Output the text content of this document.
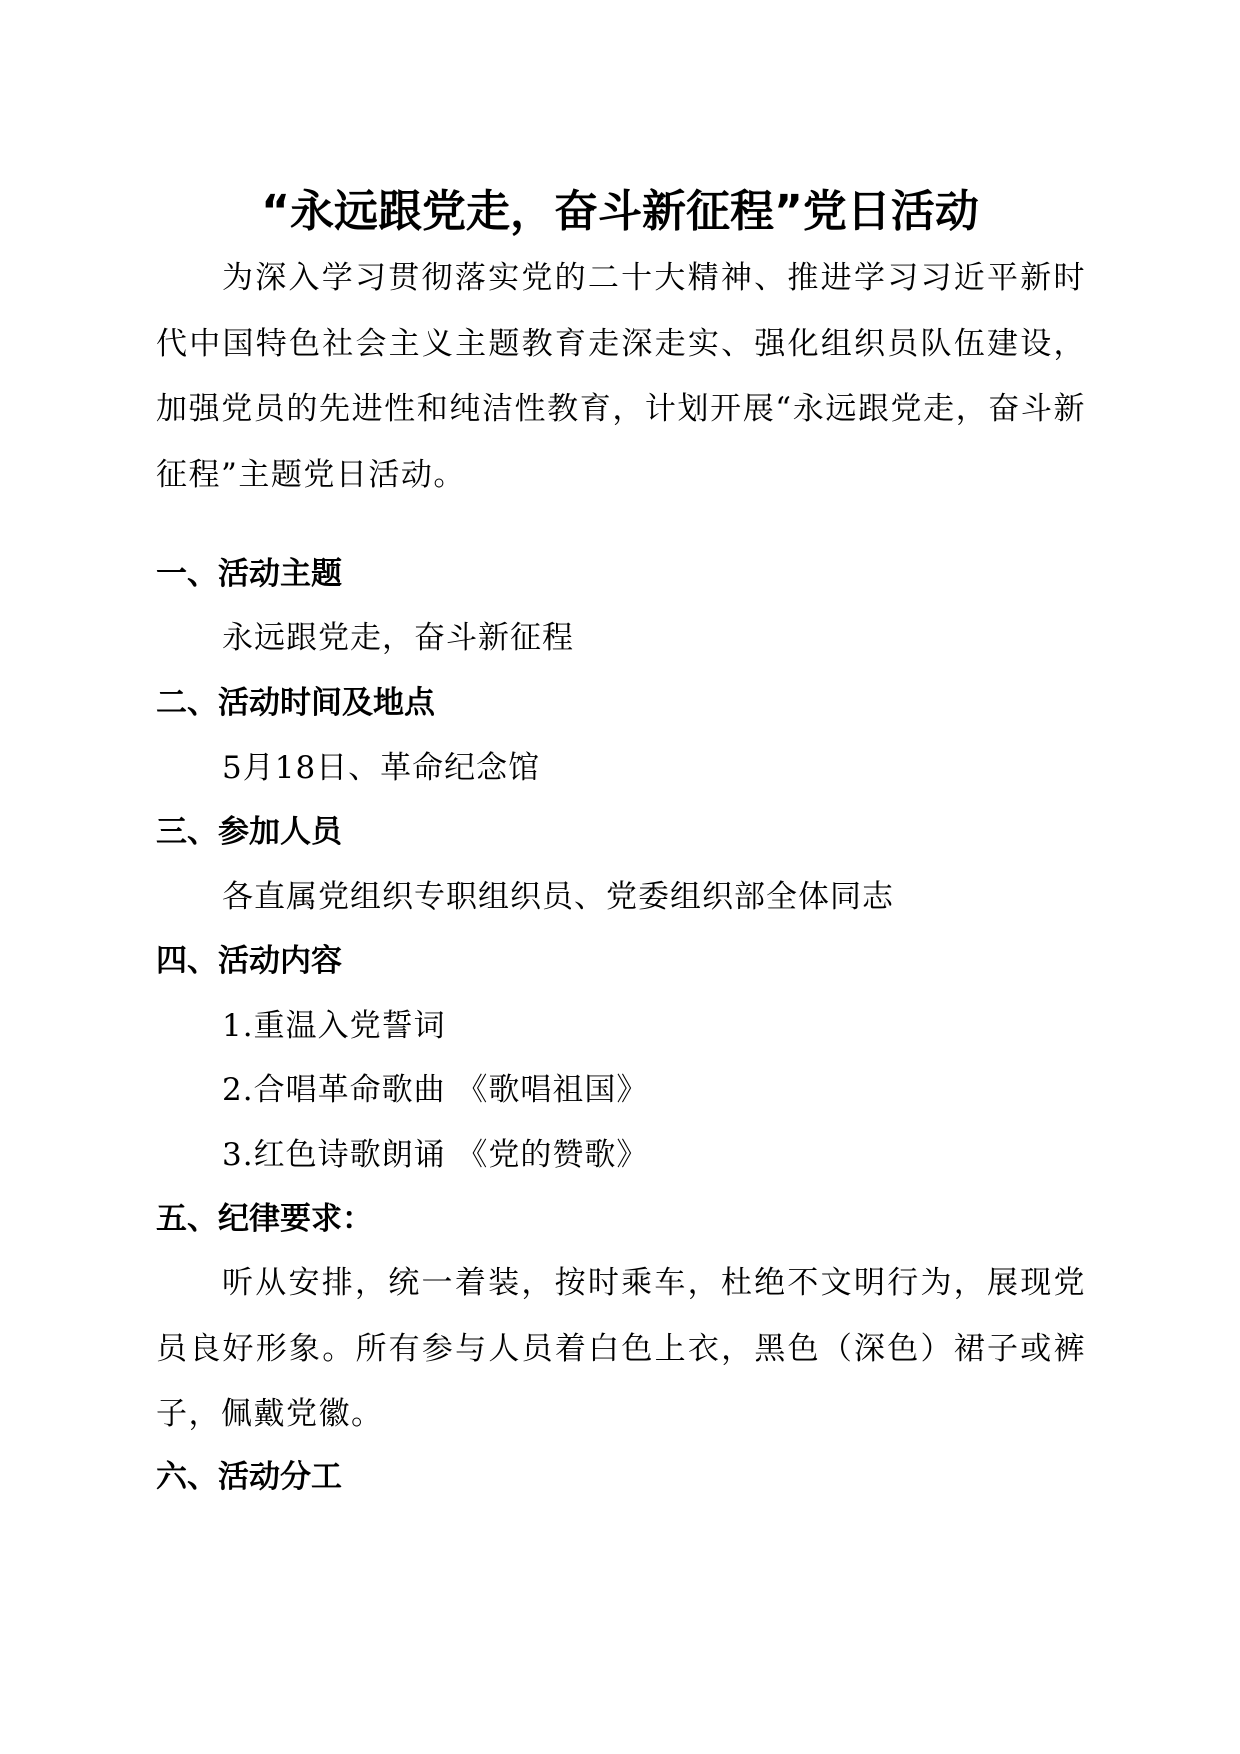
“永远跟党走，奋斗新征程”党日活动
为深入学习贯彻落实党的二十大精神、推进学习习近平新时代中国特色社会主义主题教育走深走实、强化组织员队伍建设，加强党员的先进性和纯洁性教育，计划开展“永远跟党走，奋斗新征程”主题党日活动。
一、活动主题
永远跟党走，奋斗新征程
二、活动时间及地点
5月18日、革命纪念馆
三、参加人员
各直属党组织专职组织员、党委组织部全体同志
四、活动内容
1.重温入党誓词
2.合唱革命歌曲 《歌唱祖国》
3.红色诗歌朗诵 《党的赞歌》
五、纪律要求：
听从安排，统一着装，按时乘车，杜绝不文明行为，展现党员良好形象。所有参与人员着白色上衣，黑色（深色）裙子或裤子，佩戴党徽。
六、活动分工
